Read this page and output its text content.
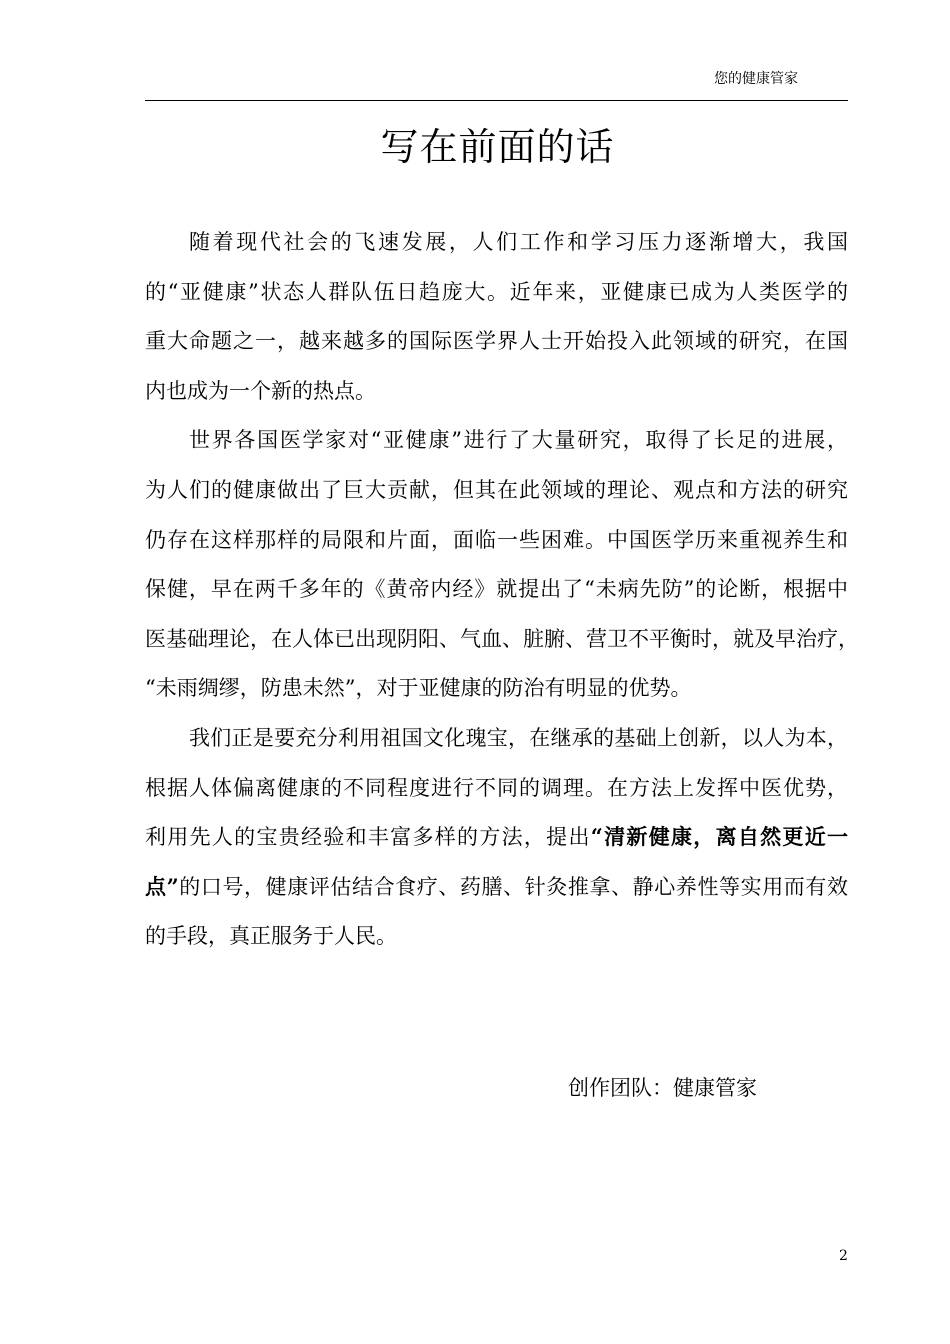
您的健康管家
写在前面的话
随着现代社会的飞速发展，人们工作和学习压力逐渐增大，我国
的“亚健康”状态人群队伍日趋庞大。近年来，亚健康已成为人类医学的
重大命题之一，越来越多的国际医学界人士开始投入此领域的研究，在国
内也成为一个新的热点。
世界各国医学家对“亚健康”进行了大量研究，取得了长足的进展，
为人们的健康做出了巨大贡献，但其在此领域的理论、观点和方法的研究
仍存在这样那样的局限和片面，面临一些困难。中国医学历来重视养生和
保健，早在两千多年的《黄帝内经》就提出了“未病先防”的论断，根据中
医基础理论，在人体已出现阴阳、气血、脏腑、营卫不平衡时，就及早治疗，
“未雨绸缪，防患未然”，对于亚健康的防治有明显的优势。
我们正是要充分利用祖国文化瑰宝，在继承的基础上创新，以人为本，
根据人体偏离健康的不同程度进行不同的调理。在方法上发挥中医优势，
利用先人的宝贵经验和丰富多样的方法，提出“清新健康，离自然更近一
点”的口号，健康评估结合食疗、药膳、针灸推拿、静心养性等实用而有效
的手段，真正服务于人民。
创作团队：健康管家
2
